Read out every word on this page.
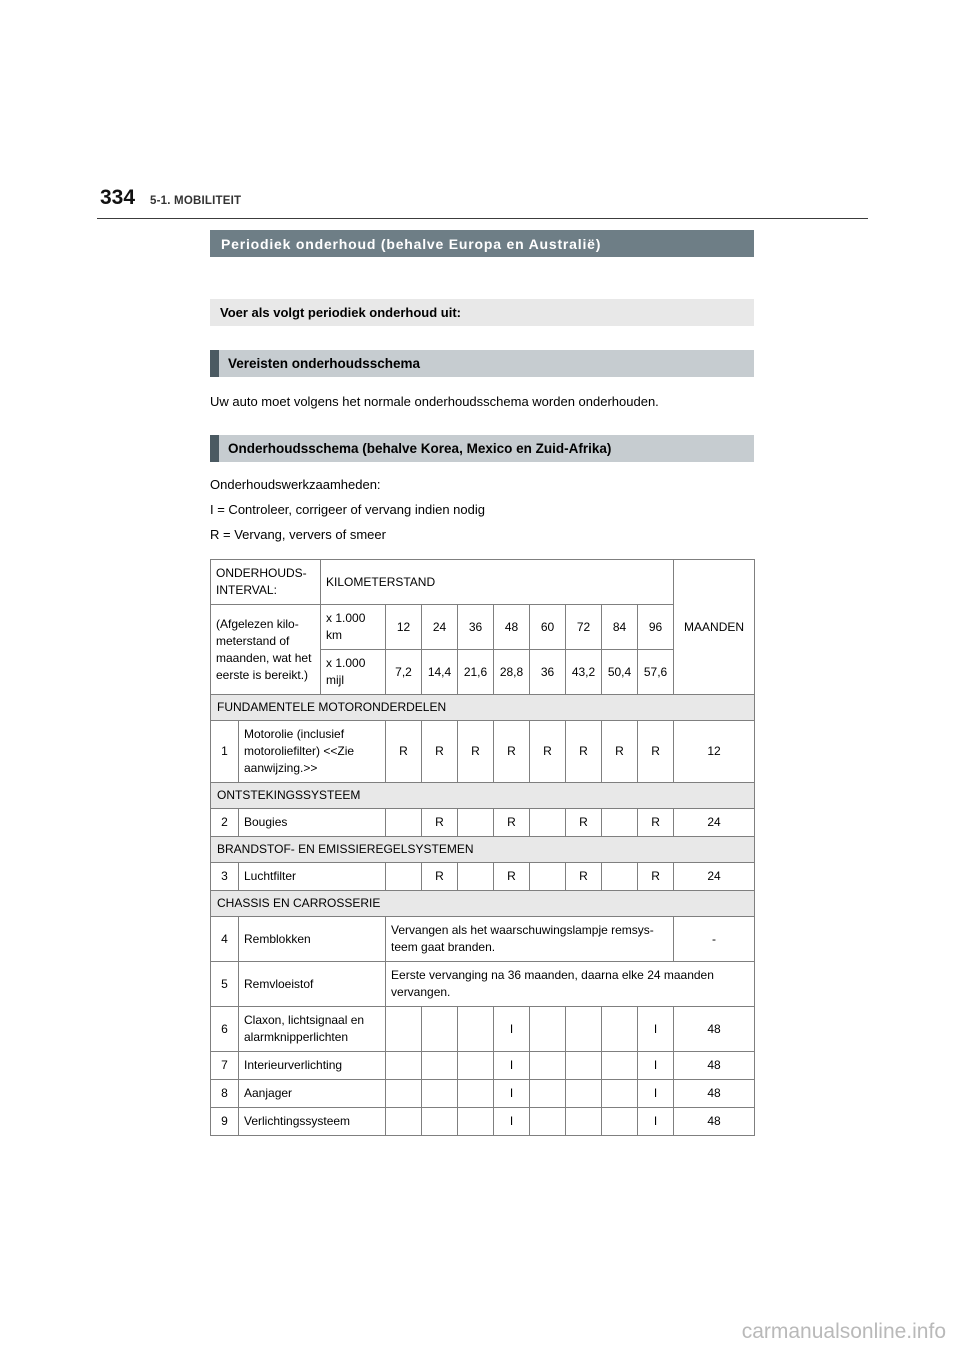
334 5-1. MOBILITEIT
Periodiek onderhoud (behalve Europa en Australië)
Voer als volgt periodiek onderhoud uit:
Vereisten onderhoudsschema

Uw auto moet volgens het normale onderhoudsschema worden onderhouden.

Onderhoudsschema (behalve Korea, Mexico en Zuid-Afrika)

Onderhoudswerkzaamheden:

I = Controleer, corrigeer of vervang indien nodig

R = Vervang, ververs of smeer

ONDERHOUDS-INTERVAL:		KILOMETERSTAND									MAANDEN
(Afgelezen kilo-meterstand of maanden, wat het eerste is bereikt.)		x 1.000 km	12	24	36	48	60	72	84	96	
		x 1.000 mijl	7,2	14,4	21,6	28,8	36	43,2	50,4	57,6	
FUNDAMENTELE MOTORONDERDELEN											
1	Motorolie (inclusief motoroliefilter) <<Zie aanwijzing.>>		R	R	R	R	R	R	R	R	12
ONTSTEKINGSSYSTEEM											
2	Bougies			R		R		R		R	24
BRANDSTOF- EN EMISSIEREGELSYSTEMEN											
3	Luchtfilter			R		R		R		R	24
CHASSIS EN CARROSSERIE											
4	Remblokken		Vervangen als het waarschuwingslampje remsys-teem gaat branden.								-
5	Remvloeistof		Eerste vervanging na 36 maanden, daarna elke 24 maanden vervangen.								
6	Claxon, lichtsignaal en alarmknipperlichten					I				I	48
7	Interieurverlichting					I				I	48
8	Aanjager					I				I	48
9	Verlichtingssysteem					I				I	48
carmanualsonline.info
